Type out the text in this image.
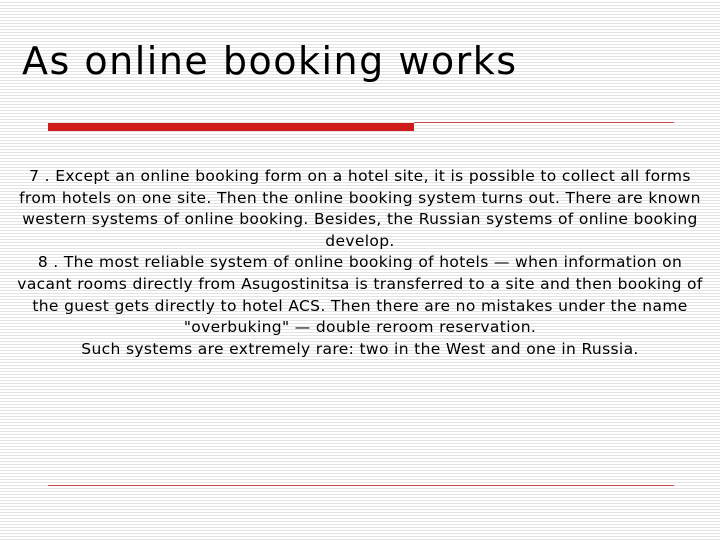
As online booking works

7 . Except an online booking form on a hotel site, it is possible to collect all forms from hotels on one site. Then the online booking system turns out. There are known western systems of online booking. Besides, the Russian systems of online booking develop.

8 . The most reliable system of online booking of hotels — when information on vacant rooms directly from Asugostinitsa is transferred to a site and then booking of the guest gets directly to hotel ACS. Then there are no mistakes under the name "overbuking" — double reroom reservation.

Such systems are extremely rare: two in the West and one in Russia.
